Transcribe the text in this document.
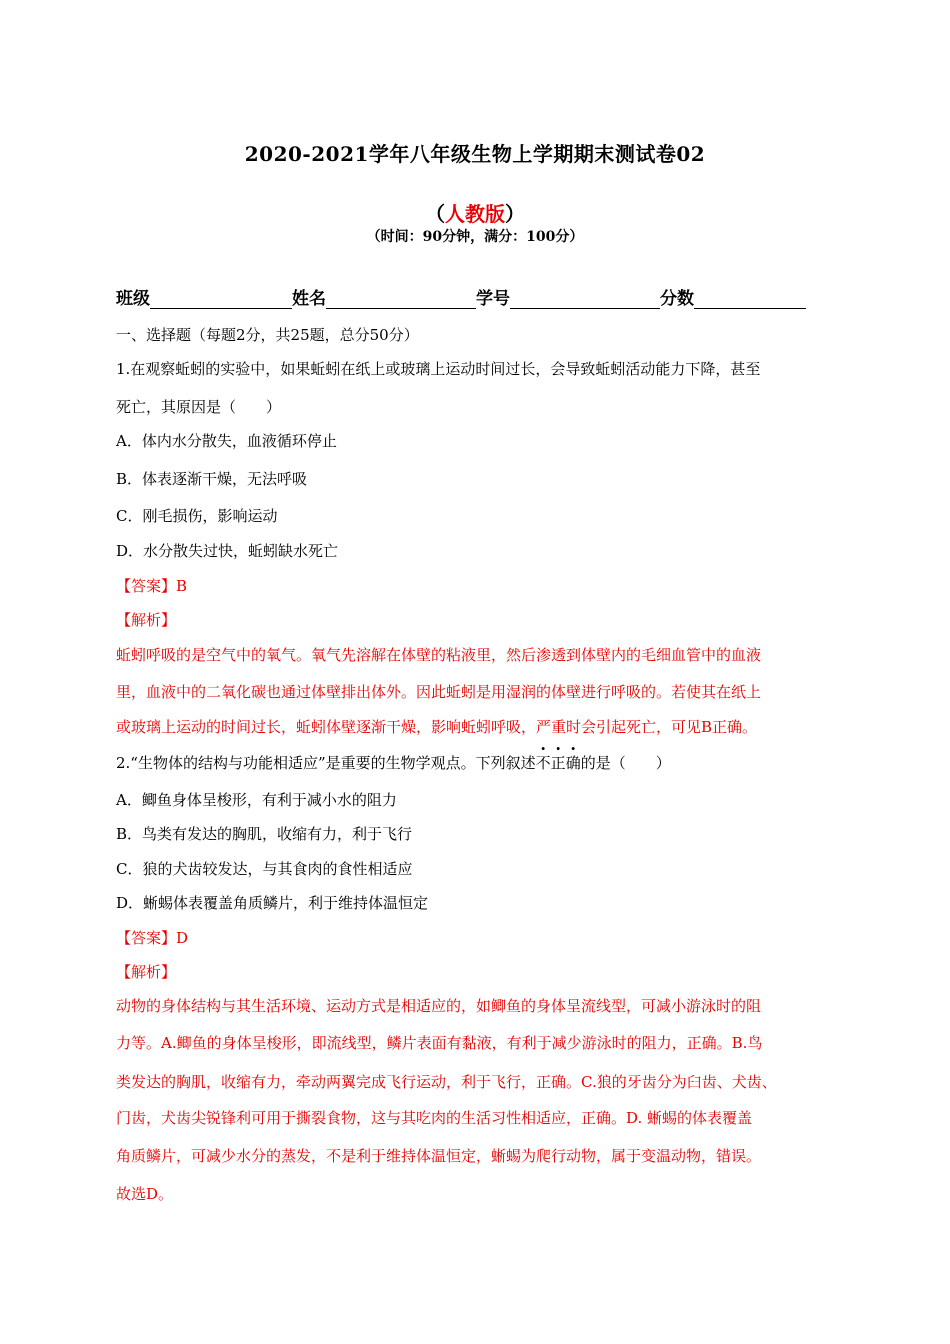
2020-2021学年八年级生物上学期期末测试卷02
（人教版）
（时间：90分钟，满分：100分）
班级	姓名	学号	分数
一、选择题（每题2分，共25题，总分50分）
1.在观察蚯蚓的实验中，如果蚯蚓在纸上或玻璃上运动时间过长，会导致蚯蚓活动能力下降，甚至
死亡，其原因是（　　）
A．体内水分散失，血液循环停止
B．体表逐渐干燥，无法呼吸
C．刚毛损伤，影响运动
D．水分散失过快，蚯蚓缺水死亡
【答案】B
【解析】
蚯蚓呼吸的是空气中的氧气。氧气先溶解在体壁的粘液里，然后渗透到体壁内的毛细血管中的血液
里，血液中的二氧化碳也通过体壁排出体外。因此蚯蚓是用湿润的体壁进行呼吸的。若使其在纸上
或玻璃上运动的时间过长，蚯蚓体壁逐渐干燥，影响蚯蚓呼吸，严重时会引起死亡，可见B正确。
2.“生物体的结构与功能相适应”是重要的生物学观点。下列叙述不正确的是（　　）
A．鲫鱼身体呈梭形，有利于减小水的阻力
B．鸟类有发达的胸肌，收缩有力，利于飞行
C．狼的犬齿较发达，与其食肉的食性相适应
D．蜥蜴体表覆盖角质鳞片，利于维持体温恒定
【答案】D
【解析】
动物的身体结构与其生活环境、运动方式是相适应的，如鲫鱼的身体呈流线型，可减小游泳时的阻
力等。A.鲫鱼的身体呈梭形，即流线型，鳞片表面有黏液，有利于减少游泳时的阻力，正确。B.鸟
类发达的胸肌，收缩有力，牵动两翼完成飞行运动，利于飞行，正确。C.狼的牙齿分为臼齿、犬齿、
门齿，犬齿尖锐锋利可用于撕裂食物，这与其吃肉的生活习性相适应，正确。D. 蜥蜴的体表覆盖
角质鳞片，可减少水分的蒸发，不是利于维持体温恒定，蜥蜴为爬行动物，属于变温动物，错误。
故选D。
